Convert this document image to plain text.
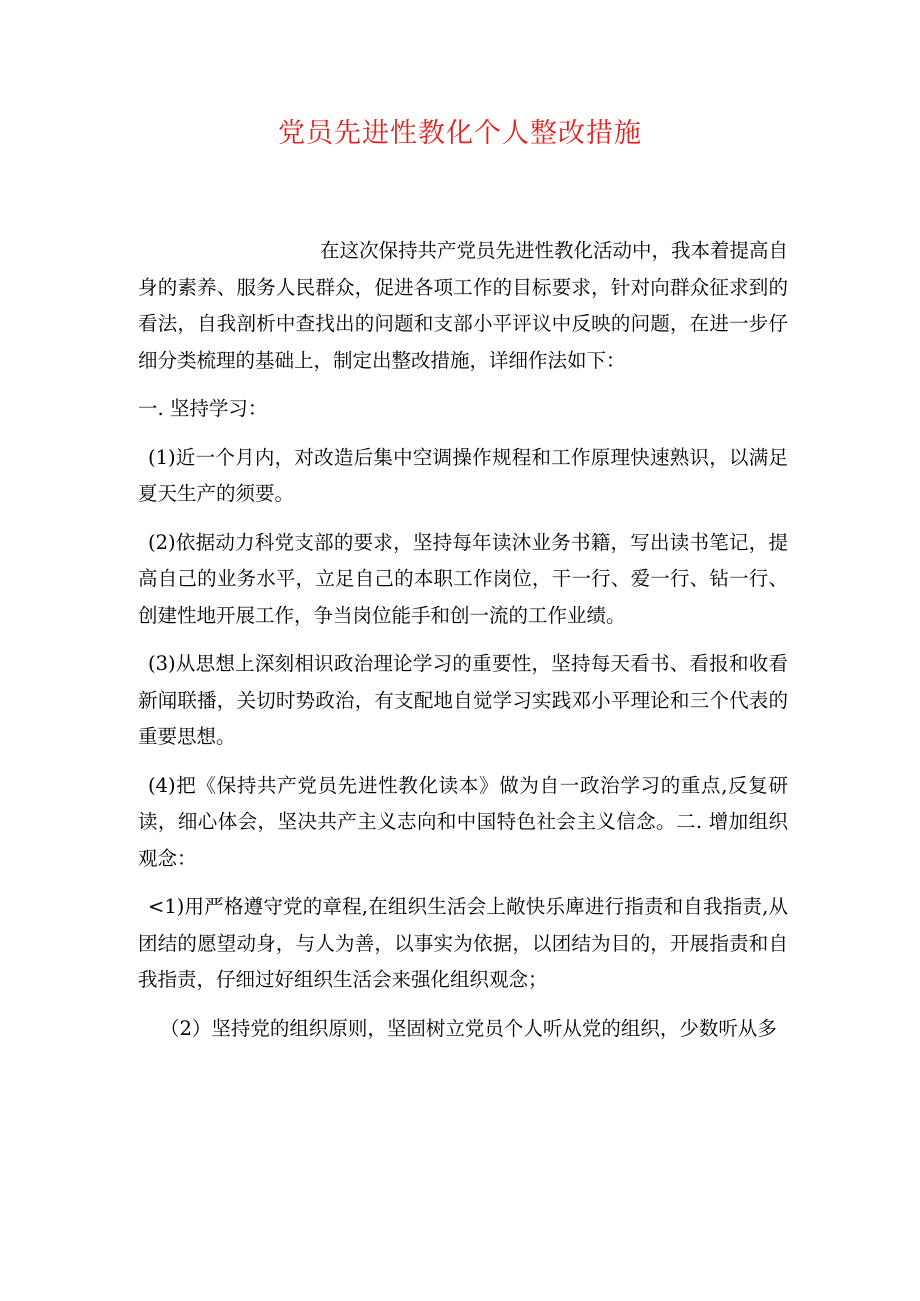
党员先进性教化个人整改措施

在这次保持共产党员先进性教化活动中，我本着提高自身的素养、服务人民群众，促进各项工作的目标要求，针对向群众征求到的看法，自我剖析中查找出的问题和支部小平评议中反映的问题，在进一步仔细分类梳理的基础上，制定出整改措施，详细作法如下：

一. 坚持学习：

(1)近一个月内，对改造后集中空调操作规程和工作原理快速熟识，以满足夏天生产的须要。

(2)依据动力科党支部的要求，坚持每年读沐业务书籍，写出读书笔记，提高自己的业务水平，立足自己的本职工作岗位，干一行、爱一行、钻一行、创建性地开展工作，争当岗位能手和创一流的工作业绩。

(3)从思想上深刻相识政治理论学习的重要性，坚持每天看书、看报和收看新闻联播，关切时势政治，有支配地自觉学习实践邓小平理论和三个代表的重要思想。

(4)把《保持共产党员先进性教化读本》做为自一政治学习的重点,反复研读，细心体会，坚决共产主义志向和中国特色社会主义信念。二. 增加组织观念：

<1)用严格遵守党的章程,在组织生活会上敞快乐庳进行指责和自我指责,从团结的愿望动身，与人为善，以事实为依据，以团结为目的，开展指责和自我指责，仔细过好组织生活会来强化组织观念；

（2）坚持党的组织原则，坚固树立党员个人听从党的组织，少数听从多
